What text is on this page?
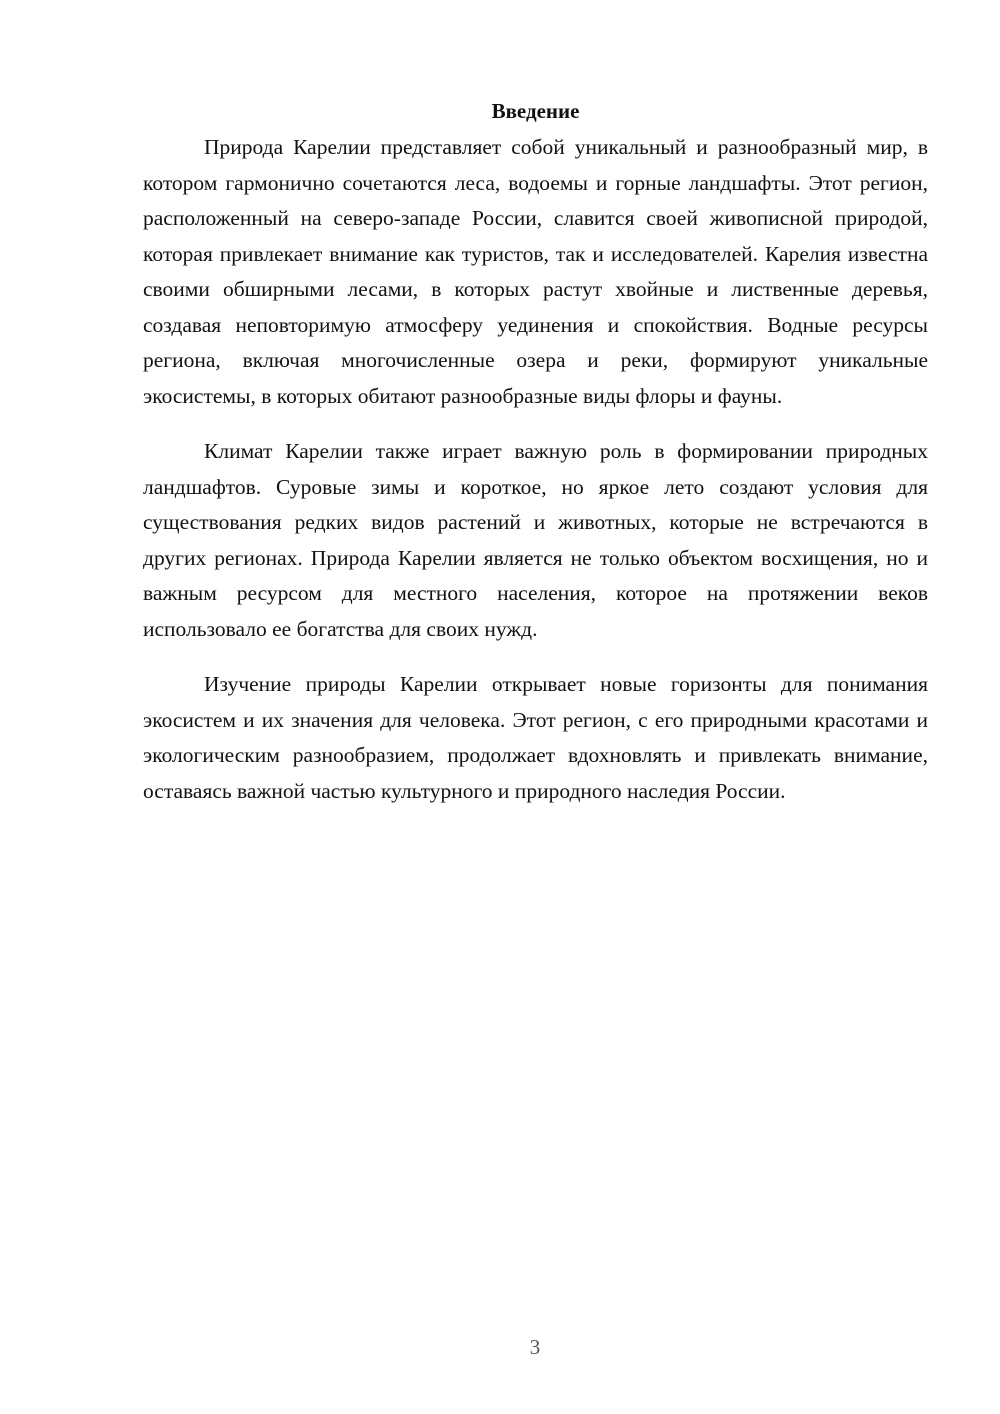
Введение

Природа Карелии представляет собой уникальный и разнообразный мир, в котором гармонично сочетаются леса, водоемы и горные ландшафты. Этот регион, расположенный на северо-западе России, славится своей живописной природой, которая привлекает внимание как туристов, так и исследователей. Карелия известна своими обширными лесами, в которых растут хвойные и лиственные деревья, создавая неповторимую атмосферу уединения и спокойствия. Водные ресурсы региона, включая многочисленные озера и реки, формируют уникальные экосистемы, в которых обитают разнообразные виды флоры и фауны.

Климат Карелии также играет важную роль в формировании природных ландшафтов. Суровые зимы и короткое, но яркое лето создают условия для существования редких видов растений и животных, которые не встречаются в других регионах. Природа Карелии является не только объектом восхищения, но и важным ресурсом для местного населения, которое на протяжении веков использовало ее богатства для своих нужд.

Изучение природы Карелии открывает новые горизонты для понимания экосистем и их значения для человека. Этот регион, с его природными красотами и экологическим разнообразием, продолжает вдохновлять и привлекать внимание, оставаясь важной частью культурного и природного наследия России.

3
